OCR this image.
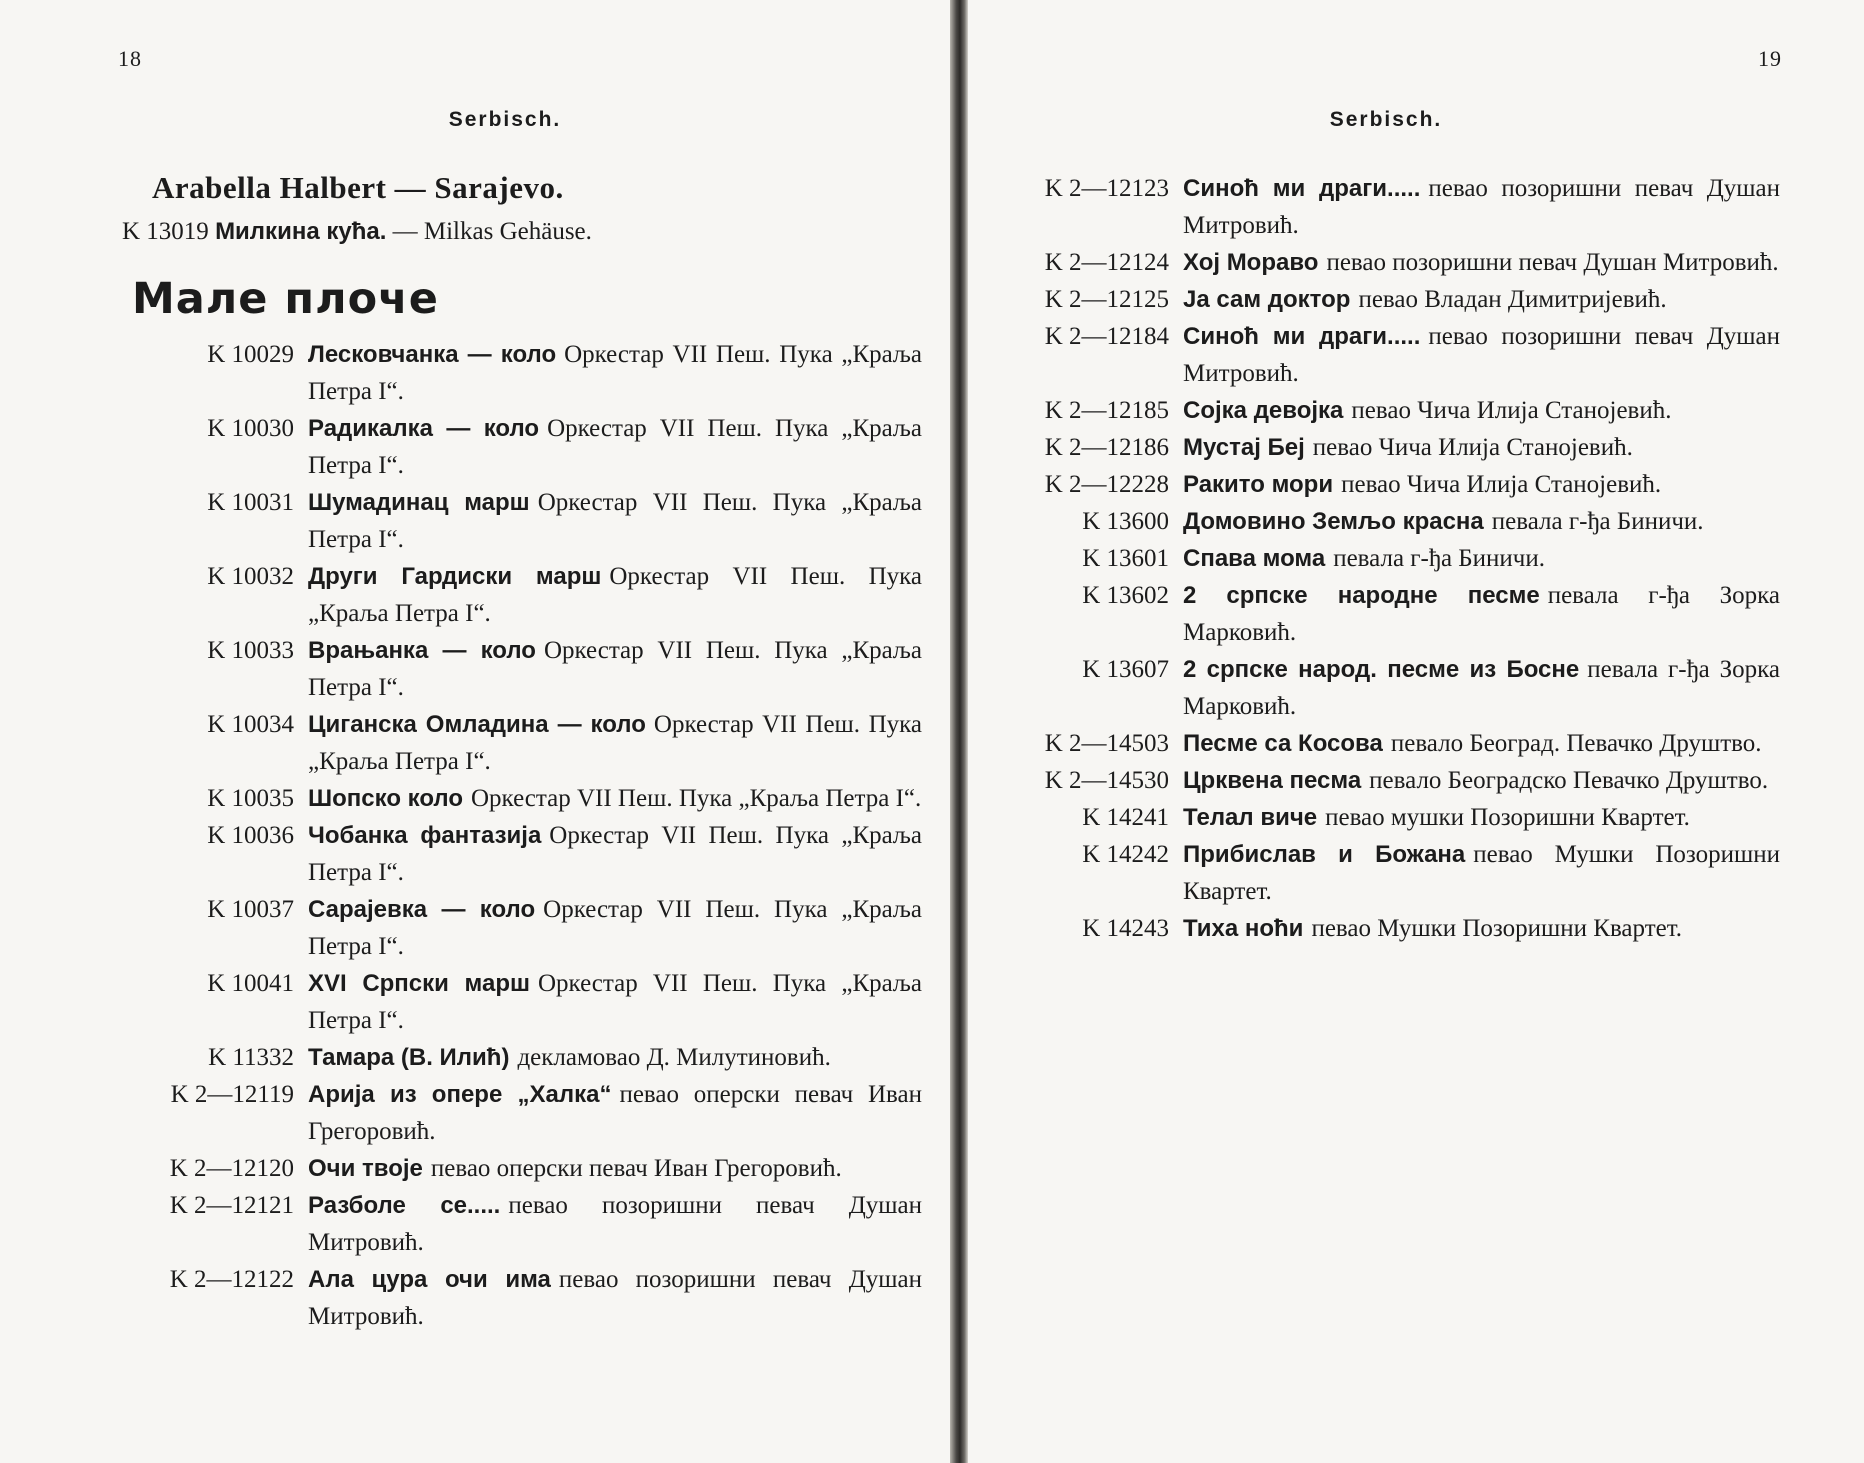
18
Serbisch.
Arabella Halbert — Sarajevo.
K 13019 Милкина кућа. — Milkas Gehäuse.
Мале плоче
K 10029 Лесковчанка — коло Оркестар VII Пеш. Пука „Краља Петра I“.
K 10030 Радикалка — коло Оркестар VII Пеш. Пука „Краља Петра I“.
K 10031 Шумадинац марш Оркестар VII Пеш. Пука „Краља Петра I“.
K 10032 Други Гардиски марш Оркестар VII Пеш. Пука „Краља Петра I“.
K 10033 Врањанка — коло Оркестар VII Пеш. Пука „Краља Петра I“.
K 10034 Циганска Омладина — коло Оркестар VII Пеш. Пука „Краља Петра I“.
K 10035 Шопско коло Оркестар VII Пеш. Пука „Краља Петра I“.
K 10036 Чобанка фантазија Оркестар VII Пеш. Пука „Краља Петра I“.
K 10037 Сарајевка — коло Оркестар VII Пеш. Пука „Краља Петра I“.
K 10041 XVI Српски марш Оркестар VII Пеш. Пука „Краља Петра I“.
K 11332 Тамара (В. Илић) декламовао Д. Милутиновић.
K 2—12119 Арија из опере „Халка“ певао оперски певач Иван Грегоровић.
K 2—12120 Очи твоје певао оперски певач Иван Грегоровић.
K 2—12121 Разболе се..... певао позоришни певач Душан Митровић.
K 2—12122 Ала цура очи има певао позоришни певач Душан Митровић.
19
Serbisch.
K 2—12123 Синоћ ми драги..... певао позоришни певач Душан Митровић.
K 2—12124 Хој Мораво певао позоришни певач Душан Митровић.
K 2—12125 Ја сам доктор певао Владан Димитријевић.
K 2—12184 Синоћ ми драги..... певао позоришни певач Душан Митровић.
K 2—12185 Сојка девојка певао Чича Илија Станојевић.
K 2—12186 Мустај Беј певао Чича Илија Станојевић.
K 2—12228 Ракито мори певао Чича Илија Станојевић.
K 13600 Домовино Земљо красна певала г-ђа Биничи.
K 13601 Спава мома певала г-ђа Биничи.
K 13602 2 српске народне песме певала г-ђа Зорка Марковић.
K 13607 2 српске народ. песме из Босне певала г-ђа Зорка Марковић.
K 2—14503 Песме са Косова певало Београд. Певачко Друштво.
K 2—14530 Црквена песма певало Београдско Певачко Друштво.
K 14241 Телал виче певао мушки Позоришни Квартет.
K 14242 Прибислав и Божана певао Мушки Позоришни Квартет.
K 14243 Тиха ноћи певао Мушки Позоришни Квартет.
